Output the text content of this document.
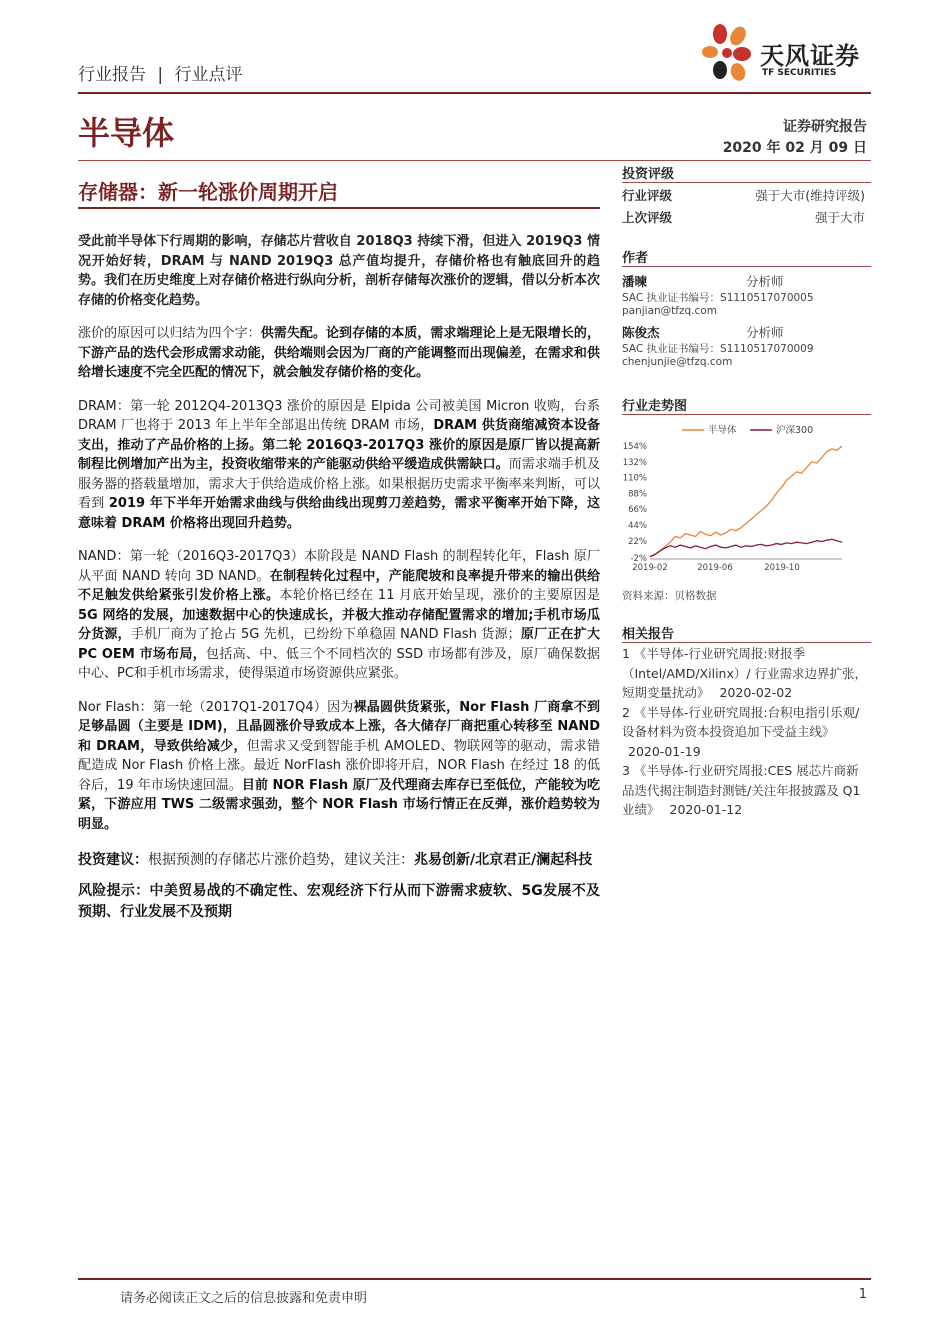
行业报告 | 行业点评
天风证券
TF SECURITIES
半导体	证券研究报告
2020 年 02 月 09 日
存储器：新一轮涨价周期开启

受此前半导体下行周期的影响，存储芯片营收自 2018Q3 持续下滑，但进入 2019Q3 情况开始好转，DRAM 与 NAND 2019Q3 总产值均提升，存储价格也有触底回升的趋势。我们在历史维度上对存储价格进行纵向分析，剖析存储每次涨价的逻辑，借以分析本次存储的价格变化趋势。

涨价的原因可以归结为四个字：供需失配。论到存储的本质，需求端理论上是无限增长的，下游产品的迭代会形成需求动能，供给端则会因为厂商的产能调整而出现偏差，在需求和供给增长速度不完全匹配的情况下，就会触发存储价格的变化。

DRAM：第一轮 2012Q4-2013Q3 涨价的原因是 Elpida 公司被美国 Micron 收购，台系 DRAM 厂也将于 2013 年上半年全部退出传统 DRAM 市场，DRAM 供货商缩减资本设备支出，推动了产品价格的上扬。第二轮 2016Q3-2017Q3 涨价的原因是原厂皆以提高新制程比例增加产出为主，投资收缩带来的产能驱动供给平缓造成供需缺口。而需求端手机及服务器的搭载量增加，需求大于供给造成价格上涨。如果根据历史需求平衡率来判断，可以看到 2019 年下半年开始需求曲线与供给曲线出现剪刀差趋势，需求平衡率开始下降，这意味着 DRAM 价格将出现回升趋势。

NAND：第一轮（2016Q3-2017Q3）本阶段是 NAND Flash 的制程转化年，Flash 原厂从平面 NAND 转向 3D NAND。在制程转化过程中，产能爬坡和良率提升带来的输出供给不足触发供给紧张引发价格上涨。本轮价格已经在 11 月底开始呈现，涨价的主要原因是 5G 网络的发展，加速数据中心的快速成长，并极大推动存储配置需求的增加;手机市场瓜分货源，手机厂商为了抢占 5G 先机，已纷纷下单稳固 NAND Flash 货源；原厂正在扩大 PC OEM 市场布局，包括高、中、低三个不同档次的 SSD 市场都有涉及，原厂确保数据中心、PC和手机市场需求，使得渠道市场资源供应紧张。

Nor Flash：第一轮（2017Q1-2017Q4）因为裸晶圆供货紧张，Nor Flash 厂商拿不到足够晶圆（主要是 IDM)，且晶圆涨价导致成本上涨，各大储存厂商把重心转移至 NAND 和 DRAM，导致供给减少，但需求又受到智能手机 AMOLED、物联网等的驱动，需求错配造成 Nor Flash 价格上涨。最近 NorFlash 涨价即将开启，NOR Flash 在经过 18 的低谷后，19 年市场快速回温。目前 NOR Flash 原厂及代理商去库存已至低位，产能较为吃紧，下游应用 TWS 二级需求强劲，整个 NOR Flash 市场行情正在反弹，涨价趋势较为明显。

投资建议：根据预测的存储芯片涨价趋势，建议关注：兆易创新/北京君正/澜起科技

风险提示：中美贸易战的不确定性、宏观经济下行从而下游需求疲软、5G发展不及预期、行业发展不及预期

投资评级
行业评级	强于大市(维持评级)
上次评级	强于大市
作者
潘暕	分析师
SAC 执业证书编号：S1110517070005
panjian@tfzq.com
陈俊杰	分析师
SAC 执业证书编号：S1110517070009
chenjunjie@tfzq.com
行业走势图
-2%
22%
44%
66%
88%
110%
132%
154%
2019-02	2019-06	2019-10
半导体	沪深300
资料来源：贝格数据
相关报告
1 《半导体-行业研究周报:财报季（Intel/AMD/Xilinx）/ 行业需求边界扩张，短期变量扰动》 2020-02-02
2 《半导体-行业研究周报:台积电指引乐观/设备材料为资本投资追加下受益主线》 2020-01-19
3 《半导体-行业研究周报:CES 展芯片商新品迭代揭注制造封测链/关注年报披露及 Q1 业绩》 2020-01-12
请务必阅读正文之后的信息披露和免责申明	1
